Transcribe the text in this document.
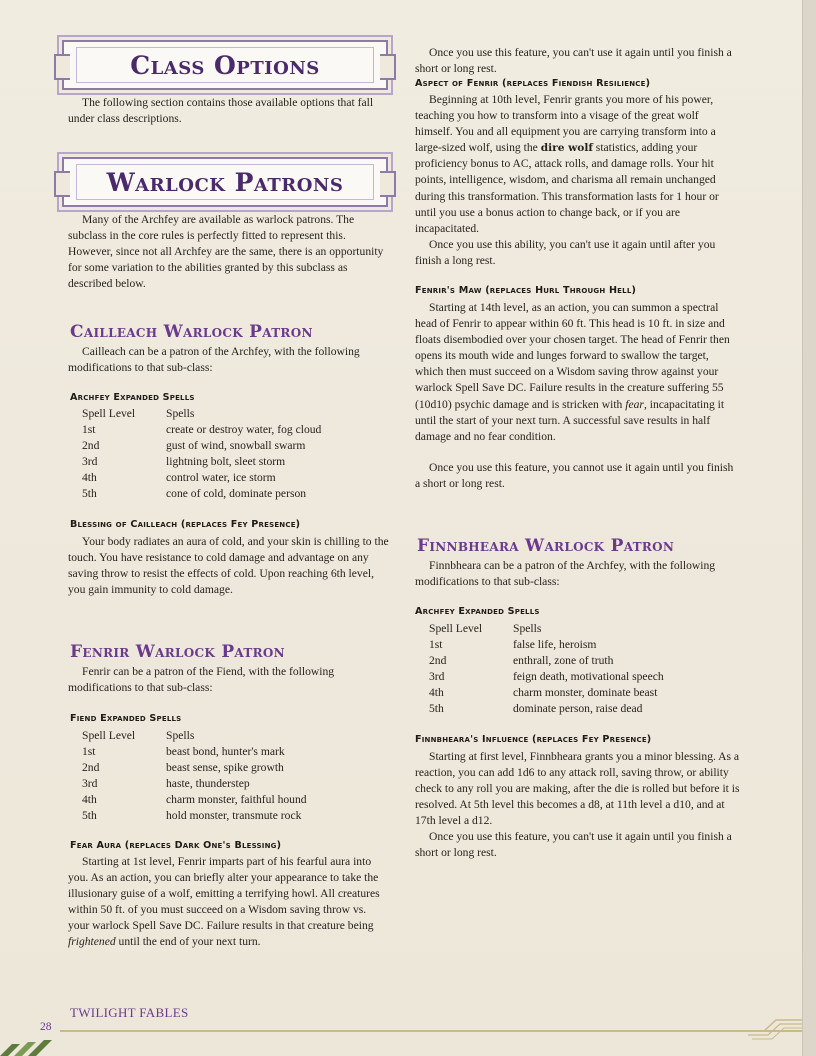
Class Options

The following section contains those available options that fall under class descriptions.

Warlock Patrons

Many of the Archfey are available as warlock patrons. The subclass in the core rules is perfectly fitted to represent this. However, since not all Archfey are the same, there is an opportunity for some variation to the abilities granted by this subclass as described below.

Cailleach Warlock Patron

Cailleach can be a patron of the Archfey, with the following modifications to that sub-class:

Archfey Expanded Spells
Spell Level	Spells
1st	create or destroy water, fog cloud
2nd	gust of wind, snowball swarm
3rd	lightning bolt, sleet storm
4th	control water, ice storm
5th	cone of cold, dominate person
Blessing of Cailleach (replaces Fey Presence)

Your body radiates an aura of cold, and your skin is chilling to the touch. You have resistance to cold damage and advantage on any saving throw to resist the effects of cold. Upon reaching 6th level, you gain immunity to cold damage.

Fenrir Warlock Patron

Fenrir can be a patron of the Fiend, with the following modifications to that sub-class:

Fiend Expanded Spells
Spell Level	Spells
1st	beast bond, hunter's mark
2nd	beast sense, spike growth
3rd	haste, thunderstep
4th	charm monster, faithful hound
5th	hold monster, transmute rock
Fear Aura (replaces Dark One's Blessing)

Starting at 1st level, Fenrir imparts part of his fearful aura into you. As an action, you can briefly alter your appearance to take the illusionary guise of a wolf, emitting a terrifying howl. All creatures within 50 ft. of you must succeed on a Wisdom saving throw vs. your warlock Spell Save DC. Failure results in that creature being frightened until the end of your next turn.

Once you use this feature, you can't use it again until you finish a short or long rest.

Aspect of Fenrir (replaces Fiendish Resilience)

Beginning at 10th level, Fenrir grants you more of his power, teaching you how to transform into a visage of the great wolf himself. You and all equipment you are carrying transform into a large-sized wolf, using the dire wolf statistics, adding your proficiency bonus to AC, attack rolls, and damage rolls. Your hit points, intelligence, wisdom, and charisma all remain unchanged during this transformation. This transformation lasts for 1 hour or until you use a bonus action to change back, or if you are incapacitated.

Once you use this ability, you can't use it again until after you finish a long rest.

Fenrir's Maw (replaces Hurl Through Hell)

Starting at 14th level, as an action, you can summon a spectral head of Fenrir to appear within 60 ft. This head is 10 ft. in size and floats disembodied over your chosen target. The head of Fenrir then opens its mouth wide and lunges forward to swallow the target, which then must succeed on a Wisdom saving throw against your warlock Spell Save DC. Failure results in the creature suffering 55 (10d10) psychic damage and is stricken with fear, incapacitating it until the start of your next turn. A successful save results in half damage and no fear condition.

Once you use this feature, you cannot use it again until you finish a short or long rest.

Finnbheara Warlock Patron

Finnbheara can be a patron of the Archfey, with the following modifications to that sub-class:

Archfey Expanded Spells
Spell Level	Spells
1st	false life, heroism
2nd	enthrall, zone of truth
3rd	feign death, motivational speech
4th	charm monster, dominate beast
5th	dominate person, raise dead
Finnbheara's Influence (replaces Fey Presence)

Starting at first level, Finnbheara grants you a minor blessing. As a reaction, you can add 1d6 to any attack roll, saving throw, or ability check to any roll you are making, after the die is rolled but before it is resolved. At 5th level this becomes a d8, at 11th level a d10, and at 17th level a d12.

Once you use this feature, you can't use it again until you finish a short or long rest.

TWILIGHT FABLES
28
